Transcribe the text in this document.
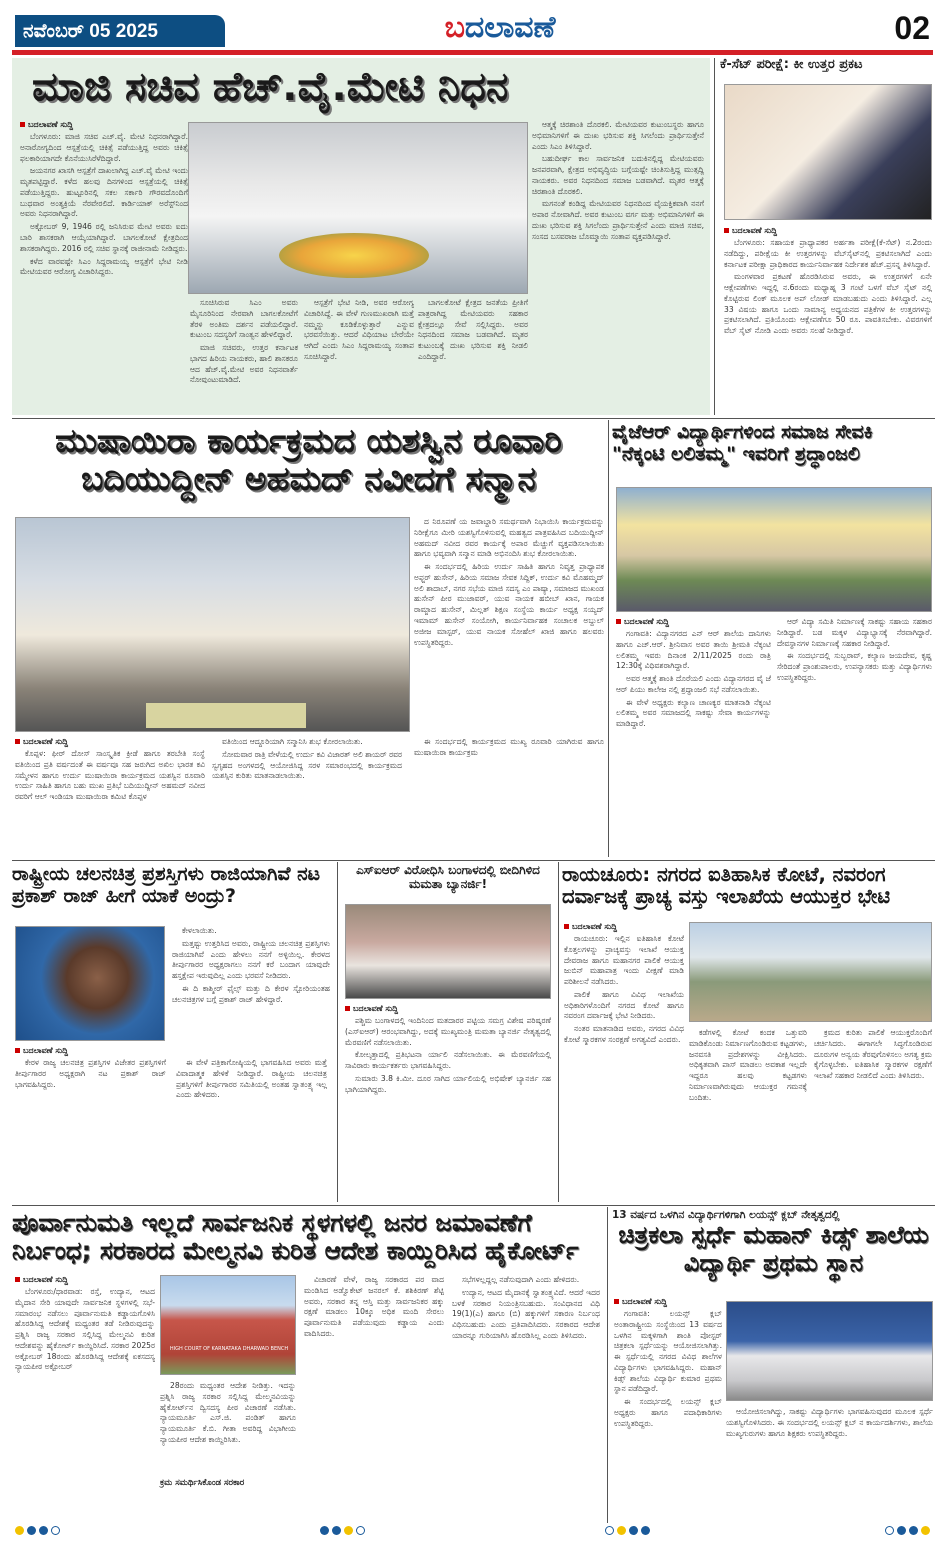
ನವೆಂಬರ್ 05 2025	ಬದಲಾವಣೆ	02
ಮಾಜಿ ಸಚಿವ ಹೆಚ್.ವೈ.ಮೇಟಿ ನಿಧನ
ಬದಲಾವಣೆ ಸುದ್ದಿ

ಬೆಂಗಳೂರು: ಮಾಜಿ ಸಚಿವ ಎಚ್.ವೈ. ಮೇಟಿ ನಿಧನರಾಗಿದ್ದಾರೆ. ಅನಾರೋಗ್ಯದಿಂದ ಆಸ್ಪತ್ರೆಯಲ್ಲಿ ಚಿಕಿತ್ಸೆ ಪಡೆಯುತ್ತಿದ್ದ ಅವರು ಚಿಕಿತ್ಸೆ ಫಲಕಾರಿಯಾಗದೇ ಕೊನೆಯುಸಿರೆಳೆದಿದ್ದಾರೆ.

ಜಯನಗರ ಖಾಸಗಿ ಆಸ್ಪತ್ರೆಗೆ ದಾಖಲಾಗಿದ್ದ ಎಚ್.ವೈ ಮೇಟಿ ಇಂದು ಮೃತಪಟ್ಟಿದ್ದಾರೆ. ಕಳೆದ ಹಲವು ದಿನಗಳಿಂದ ಆಸ್ಪತ್ರೆಯಲ್ಲಿ ಚಿಕಿತ್ಸೆ ಪಡೆಯುತ್ತಿದ್ದರು. ಹುಟ್ಟೂರಿನಲ್ಲಿ ಸಕಲ ಸರ್ಕಾರಿ ಗೌರವದೊಂದಿಗೆ ಬುಧವಾರ ಅಂತ್ಯಕ್ರಿಯೆ ನೆರವೇರಲಿದೆ. ಕಾರ್ಡಿಯಾಕ್ ಅರೆಸ್ಟ್‌ನಿಂದ ಅವರು ನಿಧನರಾಗಿದ್ದಾರೆ.

ಅಕ್ಟೋಬರ್ 9, 1946 ರಲ್ಲಿ ಜನಿಸಿರುವ ಮೇಟಿ ಅವರು ಐದು ಬಾರಿ ಶಾಸಕರಾಗಿ ಆಯ್ಕೆಯಾಗಿದ್ದಾರೆ. ಬಾಗಲಕೋಟೆ ಕ್ಷೇತ್ರದಿಂದ ಶಾಸಕರಾಗಿದ್ದರು. 2016 ರಲ್ಲಿ ಸಚಿವ ಸ್ಥಾನಕ್ಕೆ ರಾಜೀನಾಮೆ ನೀಡಿದ್ದರು.

ಕಳೆದ ವಾರವಷ್ಟೇ ಸಿಎಂ ಸಿದ್ದರಾಮಯ್ಯ ಆಸ್ಪತ್ರೆಗೆ ಭೇಟಿ ನೀಡಿ ಮೇಟಿಯವರ ಆರೋಗ್ಯ ವಿಚಾರಿಸಿದ್ದರು.

ಆತ್ಮಕ್ಕೆ ಚಿರಶಾಂತಿ ದೊರಕಲಿ. ಮೇಟಿಯವರ ಕುಟುಂಬಸ್ಥರು ಹಾಗೂ ಅಭಿಮಾನಿಗಳಿಗೆ ಈ ದುಃಖ ಭರಿಸುವ ಶಕ್ತಿ ಸಿಗಲೆಂದು ಪ್ರಾರ್ಥಿಸುತ್ತೇನೆ ಎಂದು ಸಿಎಂ ತಿಳಿಸಿದ್ದಾರೆ.

ಬಹುದೀರ್ಘ ಕಾಲ ಸಾರ್ವಜನಿಕ ಬದುಕಿನಲ್ಲಿದ್ದ ಮೇಟಿಯವರು ಜನಪರವಾಗಿ, ಕ್ಷೇತ್ರದ ಅಭಿವೃದ್ಧಿಯ ಬಗ್ಗೆಯಷ್ಟೇ ಚಿಂತಿಸುತ್ತಿದ್ದ ಮುತ್ಸದ್ದಿ ನಾಯಕರು. ಅವರ ನಿಧನದಿಂದ ಸಮಾಜ ಬಡವಾಗಿದೆ. ಮೃತರ ಆತ್ಮಕ್ಕೆ ಚಿರಶಾಂತಿ ದೊರಕಲಿ.

ಮಗನಂತೆ ಕಂಡಿದ್ದ ಮೇಟಿಯವರ ನಿಧನದಿಂದ ವೈಯಕ್ತಿಕವಾಗಿ ನನಗೆ ಅಪಾರ ನೋವಾಗಿದೆ. ಅವರ ಕುಟುಂಬ ವರ್ಗ ಮತ್ತು ಅಭಿಮಾನಿಗಳಿಗೆ ಈ ದುಃಖ ಭರಿಸುವ ಶಕ್ತಿ ಸಿಗಲೆಂದು ಪ್ರಾರ್ಥಿಸುತ್ತೇನೆ ಎಂದು ಮಾಜಿ ಸಚಿವ, ಸಂಸದ ಬಸವರಾಜ ಬೊಮ್ಮಾಯಿ ಸಂತಾಪ ವ್ಯಕ್ತಪಡಿಸಿದ್ದಾರೆ.

ಸೂಚಿಸಿರುವ ಸಿಎಂ ಅವರು ಮೈಸೂರಿನಿಂದ ನೇರವಾಗಿ ಬಾಗಲಕೋಟೆಗೆ ತೆರಳಿ ಅಂತಿಮ ದರ್ಶನ ಪಡೆಯಲಿದ್ದಾರೆ. ಕುಟುಂಬ ಸದಸ್ಯರಿಗೆ ಸಾಂತ್ವನ ಹೇಳಲಿದ್ದಾರೆ.

ಮಾಜಿ ಸಚಿವರು, ಉತ್ತರ ಕರ್ನಾಟಕ ಭಾಗದ ಹಿರಿಯ ನಾಯಕರು, ಹಾಲಿ ಶಾಸಕರೂ ಆದ ಹೆಚ್.ವೈ.ಮೇಟಿ ಅವರ ನಿಧನವಾರ್ತೆ ನೋವುಂಟುಮಾಡಿದೆ.

ಆಸ್ಪತ್ರೆಗೆ ಭೇಟಿ ನೀಡಿ, ಅವರ ಆರೋಗ್ಯ ವಿಚಾರಿಸಿದ್ದೆ. ಈ ವೇಳೆ ಗುಣಮುಖರಾಗಿ ಮತ್ತೆ ನಮ್ಮನ್ನು ಕೂಡಿಕೊಳ್ಳುತ್ತಾರೆ ಎನ್ನುವ ಭರವಸೆಯಿತ್ತು. ಆದರೆ ವಿಧಿಯಾಟ ಬೇರೆಯೇ ಆಗಿದೆ ಎಂದು ಸಿಎಂ ಸಿದ್ದರಾಮಯ್ಯ ಸಂತಾಪ ಸೂಚಿಸಿದ್ದಾರೆ.

ಬಾಗಲಕೋಟೆ ಕ್ಷೇತ್ರದ ಜನತೆಯ ಪ್ರೀತಿಗೆ ಪಾತ್ರರಾಗಿದ್ದ ಮೇಟಿಯವರು ಸಹಕಾರ ಕ್ಷೇತ್ರದಲ್ಲೂ ಸೇವೆ ಸಲ್ಲಿಸಿದ್ದರು. ಅವರ ನಿಧನದಿಂದ ಸಮಾಜ ಬಡವಾಗಿದೆ. ಮೃತರ ಕುಟುಂಬಕ್ಕೆ ದುಃಖ ಭರಿಸುವ ಶಕ್ತಿ ನೀಡಲಿ ಎಂದಿದ್ದಾರೆ.

ಕೆ-ಸೆಟ್ ಪರೀಕ್ಷೆ: ಕೀ ಉತ್ತರ ಪ್ರಕಟ
ಬದಲಾವಣೆ ಸುದ್ದಿ

ಬೆಂಗಳೂರು: ಸಹಾಯಕ ಪ್ರಾಧ್ಯಾಪಕರ ಅರ್ಹತಾ ಪರೀಕ್ಷೆ(ಕೆ-ಸೆಟ್) ನ.2ರಂದು ನಡೆದಿದ್ದು, ಪರೀಕ್ಷೆಯ ಕೀ ಉತ್ತರಗಳನ್ನು ವೆಬ್‌ಸೈಟ್‌ನಲ್ಲಿ ಪ್ರಕಟಿಸಲಾಗಿದೆ ಎಂದು ಕರ್ನಾಟಕ ಪರೀಕ್ಷಾ ಪ್ರಾಧಿಕಾರದ ಕಾರ್ಯನಿರ್ವಾಹಕ ನಿರ್ದೇಶಕ ಹೆಚ್.ಪ್ರಸನ್ನ ತಿಳಿಸಿದ್ದಾರೆ.

ಮಂಗಳವಾರ ಪ್ರಕಟಣೆ ಹೊರಡಿಸಿರುವ ಅವರು, ಈ ಉತ್ತರಗಳಿಗೆ ಏನೇ ಆಕ್ಷೇಪಣೆಗಳು ಇದ್ದಲ್ಲಿ ನ.6ರಂದು ಮಧ್ಯಾಹ್ನ 3 ಗಂಟೆ ಒಳಗೆ ವೆಬ್ ಸೈಟ್ ನಲ್ಲಿ ಕೊಟ್ಟಿರುವ ಲಿಂಕ್ ಮೂಲಕ ಅಪ್ ಲೋಡ್ ಮಾಡಬಹುದು ಎಂದು ತಿಳಿಸಿದ್ದಾರೆ. ಎಲ್ಲ 33 ವಿಷಯ ಹಾಗೂ ಒಂದು ಸಾಮಾನ್ಯ ಅಧ್ಯಯನದ ಪತ್ರಿಕೆಗಳ ಕೀ ಉತ್ತರಗಳನ್ನು ಪ್ರಕಟಿಸಲಾಗಿದೆ. ಪ್ರತಿಯೊಂದು ಆಕ್ಷೇಪಣೆಗೂ 50 ರೂ. ಪಾವತಿಸಬೇಕು. ವಿವರಗಳಿಗೆ ವೆಬ್ ಸೈಟ್ ನೋಡಿ ಎಂದು ಅವರು ಸಲಹೆ ನೀಡಿದ್ದಾರೆ.

ಮುಷಾಯಿರಾ ಕಾರ್ಯಕ್ರಮದ ಯಶಸ್ವಿನ ರೂವಾರಿ
ಬದಿಯುದ್ದೀನ್ ಅಹಮದ್ ನವೀದಗೆ ಸನ್ಮಾನ

ದ ನಿರೂಪಣೆ ಯ ಜವಾಬ್ದಾರಿ ಸಮರ್ಥವಾಗಿ ನಿಭಾಯಿಸಿ ಕಾರ್ಯಕ್ರಮವನ್ನು ನಿರೀಕ್ಷೆಗೂ ಮೀರಿ ಯಶಸ್ವಿಗೊಳಿಸುವಲ್ಲಿ ಮಹತ್ವದ ಪಾತ್ರವಹಿಸಿದ ಬದಿಯುದ್ದೀನ್ ಅಹಮದ್ ನವೀದ ರವರ ಕಾರ್ಯಕ್ಕೆ ಅಪಾರ ಮೆಚ್ಚುಗೆ ವ್ಯಕ್ತಪಡಿಸಲಾಯಿತು ಹಾಗೂ ಭವ್ಯವಾಗಿ ಸನ್ಮಾನ ಮಾಡಿ ಅಭಿನಂದಿಸಿ ಶುಭ ಕೋರಲಾಯಿತು.

ಈ ಸಂದರ್ಭದಲ್ಲಿ ಹಿರಿಯ ಉರ್ದು ಸಾಹಿತಿ ಹಾಗೂ ನಿವೃತ್ತ ಪ್ರಾಧ್ಯಾಪಕ ಅಫ್ಜರ್ ಹುಸೇನ್, ಹಿರಿಯ ಸಮಾಜ ಸೇವಕ ಸಿದ್ದಿಕ್, ಉರ್ದು ಕವಿ ಮೊಹಮ್ಮದ್ ಅಲಿ ಶಾದಾಬ್, ನಗರ ಸಭೆಯ ಮಾಜಿ ಸದಸ್ಯ ಎಂ ಪಾಷ್ಯಾ, ಸಮಾಜದ ಮುಖಂಡ ಹುಸೇನ್ ಪೀರ ಮುಜಾವರ್, ಯುವ ನಾಯಕ ಹಬೀಬ್ ಖಾನ, ಗಾಯಕ ರಾಮ್ಜಾದ ಹುಸೇನ್, ಮಿಲ್ಲತ್ ಶಿಕ್ಷಣ ಸಂಸ್ಥೆಯ ಕಾರ್ಯ ಅಧ್ಯಕ್ಷ ಸಯ್ಯದ್ ಇಮಾಮ್ ಹುಸೇನ್ ಸಂಯೋಗಿ, ಕಾರ್ಯನಿರ್ವಾಹಕ ಸಂಚಾಲಕ ಅಬ್ದುಲ್ ಅಜೀಜ ಮಾಸ್ಟರ್, ಯುವ ನಾಯಕ ಸೋಹೆಲ್ ಖಾಜಿ ಹಾಗೂ ಹಲವರು ಉಪಸ್ಥಿತರಿದ್ದರು.

ಬದಲಾವಣೆ ಸುದ್ದಿ

ಕೊಪ್ಪಳ: ಫೀರ್ ದೋಸ್ ಸಾಂಸ್ಕೃತಿಕ ಕ್ರೀಡೆ ಹಾಗೂ ತರಬೇತಿ ಸಂಸ್ಥೆ ವತಿಯಿಂದ ಪ್ರತಿ ವರ್ಷದಂತೆ ಈ ವರ್ಷವೂ ಸಹ ಜರುಗಿದ ಅಖಿಲ ಭಾರತ ಕವಿ ಸಮ್ಮೇಳನ ಹಾಗೂ ಉರ್ದು ಮುಷಾಯಿರಾ ಕಾರ್ಯಕ್ರಮದ ಯಶಸ್ವಿನ ರೂವಾರಿ ಉರ್ದು ಸಾಹಿತಿ ಹಾಗೂ ಬಹು ಮುಖ ಪ್ರತಿಭೆ ಬದಿಯುದ್ದೀನ್ ಅಹಮದ್ ನವೀದ ರವರಿಗೆ ಆಲ್ ಇಂಡಿಯಾ ಮುಷಾಯಿರಾ ಕಮಿಟಿ ಕೊಪ್ಪಳ

ವತಿಯಿಂದ ಆದ್ದೂರಿಯಾಗಿ ಸನ್ಮಾನಿಸಿ ಶುಭ ಕೋರಲಾಯಿತು.

ಸೋಮವಾರ ರಾತ್ರಿ ವೇಳೆಯಲ್ಲಿ ಉರ್ದು ಕವಿ ವಿಜಾರತ್ ಅಲಿ ಶಾಯರ್ ರವರ ಸ್ವಗೃಹದ ಅಂಗಳದಲ್ಲಿ ಆಯೋಜಿಸಿದ್ದ ಸರಳ ಸಮಾರಂಭದಲ್ಲಿ ಕಾರ್ಯಕ್ರಮದ ಯಶಸ್ಸಿನ ಕುರಿತು ಮಾತನಾಡಲಾಯಿತು.

ಈ ಸಂದರ್ಭದಲ್ಲಿ ಕಾರ್ಯಕ್ರಮದ ಮುಖ್ಯ ರೂವಾರಿ ಯಾಗಿರುವ ಹಾಗೂ ಮುಷಾಯಿರಾ ಕಾರ್ಯಕ್ರಮ

ವೈಜೆಆರ್ ವಿದ್ಯಾರ್ಥಿಗಳಿಂದ ಸಮಾಜ ಸೇವಕಿ
"ನೆಕ್ಕಂಟಿ ಲಲಿತಮ್ಮ" ಇವರಿಗೆ ಶ್ರದ್ಧಾಂಜಲಿ
ಬದಲಾವಣೆ ಸುದ್ದಿ

ಗಂಗಾವತಿ: ವಿದ್ಯಾನಗರದ ಎನ್ ಆರ್ ಶಾಲೆಯ ದಾನಿಗಳು ಹಾಗೂ ಎಚ್.ಆರ್. ಶ್ರೀನಿವಾಸ ಅವರ ತಾಯಿ ಶ್ರೀಮತಿ ನೆಕ್ಕಂಟಿ ಲಲಿತಮ್ಮ ಇವರು ದಿನಾಂಕ 2/11/2025 ರಂದು ರಾತ್ರಿ 12:30ಕ್ಕೆ ವಿಧಿವಶರಾಗಿದ್ದಾರೆ.

ಅವರ ಆತ್ಮಕ್ಕೆ ಶಾಂತಿ ದೊರೆಯಲಿ ಎಂದು ವಿದ್ಯಾನಗರದ ವೈ ಜೆ ಆರ್ ಪಿಯು ಕಾಲೇಜ ನಲ್ಲಿ ಶ್ರದ್ಧಾಂಜಲಿ ಸಭೆ ನಡೆಸಲಾಯಿತು.

ಈ ವೇಳೆ ಅಧ್ಯಕ್ಷರು ಕಲ್ಯಾಣ ಚಾಣಕ್ಯರ ಮಾತನಾಡಿ ನೆಕ್ಕಂಟಿ ಲಲಿತಮ್ಮ ಅವರ ಸಮಾಜದಲ್ಲಿ ಸಾಕಷ್ಟು ಸೇವಾ ಕಾರ್ಯಗಳನ್ನು ಮಾಡಿದ್ದಾರೆ.

ಆರ್ ವಿದ್ಯಾ ಸಮಿತಿ ನಿರ್ಮಾಣಕ್ಕೆ ಸಾಕಷ್ಟು ಸಹಾಯ ಸಹಕಾರ ನೀಡಿದ್ದಾರೆ. ಬಡ ಮಕ್ಕಳ ವಿದ್ಯಾಭ್ಯಾಸಕ್ಕೆ ನೆರವಾಗಿದ್ದಾರೆ. ದೇವಸ್ಥಾನಗಳ ನಿರ್ಮಾಣಕ್ಕೆ ಸಹಕಾರ ನೀಡಿದ್ದಾರೆ.

ಈ ಸಂದರ್ಭದಲ್ಲಿ ಸುಬ್ಬರಾವ್, ಕಲ್ಯಾಣ ಜಯದೇವ, ಕೃಷ್ಣ ಸೇರಿದಂತೆ ಪ್ರಾಂಶುಪಾಲರು, ಉಪನ್ಯಾಸಕರು ಮತ್ತು ವಿದ್ಯಾರ್ಥಿಗಳು ಉಪಸ್ಥಿತರಿದ್ದರು.

ರಾಷ್ಟ್ರೀಯ ಚಲನಚಿತ್ರ ಪ್ರಶಸ್ತಿಗಳು ರಾಜಿಯಾಗಿವೆ ನಟ ಪ್ರಕಾಶ್ ರಾಜ್ ಹೀಗೆ ಯಾಕೆ ಅಂದ್ರು?
ಬದಲಾವಣೆ ಸುದ್ದಿ

ಕೇರಳ ರಾಜ್ಯ ಚಲನಚಿತ್ರ ಪ್ರಶಸ್ತಿಗಳ ವಿಜೇತರ ಪ್ರಶಸ್ತಿಗಳಿಗೆ ತೀರ್ಪುಗಾರರ ಅಧ್ಯಕ್ಷರಾಗಿ ನಟ ಪ್ರಕಾಶ್ ರಾಜ್ ಭಾಗವಹಿಸಿದ್ದರು.

ಈ ವೇಳೆ ಪತ್ರಿಕಾಗೋಷ್ಠಿಯಲ್ಲಿ ಭಾಗವಹಿಸಿದ ಅವರು ಮತ್ತೆ ವಿವಾದಾತ್ಮಕ ಹೇಳಿಕೆ ನೀಡಿದ್ದಾರೆ. ರಾಷ್ಟ್ರೀಯ ಚಲನಚಿತ್ರ ಪ್ರಶಸ್ತಿಗಳಿಗೆ ತೀರ್ಪುಗಾರರ ಸಮಿತಿಯಲ್ಲಿ ಅಂತಹ ಸ್ವಾತಂತ್ರ್ಯ ಇಲ್ಲ ಎಂದು ಹೇಳಿದರು.

ಕೇಳಲಾಯಿತು.

ಮತ್ತಷ್ಟು ಉತ್ತರಿಸಿದ ಅವರು, ರಾಷ್ಟ್ರೀಯ ಚಲನಚಿತ್ರ ಪ್ರಶಸ್ತಿಗಳು ರಾಜಿಯಾಗಿವೆ ಎಂದು ಹೇಳಲು ನನಗೆ ಅಳ್ಳಿಯಿಲ್ಲ. ಕೇರಳದ ತೀರ್ಪುಗಾರರ ಅಧ್ಯಕ್ಷರಾಗಲು ನನಗೆ ಕರೆ ಬಂದಾಗ ಯಾವುದೇ ಹಸ್ತಕ್ಷೇಪ ಇರುವುದಿಲ್ಲ ಎಂದು ಭರವಸೆ ನೀಡಿದರು.

ಈ ದಿ ಕಾಶ್ಮೀರ್ ಫೈಲ್ಸ್ ಮತ್ತು ದಿ ಕೇರಳ ಸ್ಟೋರಿಯಂತಹ ಚಲನಚಿತ್ರಗಳ ಬಗ್ಗೆ ಪ್ರಕಾಶ್ ರಾಜ್ ಹೇಳಿದ್ದಾರೆ.

ಎಸ್‌ಐಆರ್ ವಿರೋಧಿಸಿ ಬಂಗಾಳದಲ್ಲಿ ಬೀದಿಗಿಳಿದ ಮಮತಾ ಬ್ಯಾನರ್ಜಿ!
ಬದಲಾವಣೆ ಸುದ್ದಿ

ಪಶ್ಚಿಮ ಬಂಗಾಳದಲ್ಲಿ ಇಂದಿನಿಂದ ಮತದಾರರ ಪಟ್ಟಿಯ ಸಮಗ್ರ ವಿಶೇಷ ಪರಿಷ್ಕರಣೆ (ಎಸ್‌ಐಆರ್) ಆರಂಭವಾಗಿದ್ದು, ಅದಕ್ಕೆ ಮುಖ್ಯಮಂತ್ರಿ ಮಮತಾ ಬ್ಯಾನರ್ಜಿ ನೇತೃತ್ವದಲ್ಲಿ ಮೆರವಣಿಗೆ ನಡೆಸಲಾಯಿತು.

ಕೋಲ್ಕತ್ತಾದಲ್ಲಿ ಪ್ರತಿಭಟನಾ ರ್ಯಾಲಿ ನಡೆಸಲಾಯಿತು. ಈ ಮೆರವಣಿಗೆಯಲ್ಲಿ ಸಾವಿರಾರು ಕಾರ್ಯಕರ್ತರು ಭಾಗವಹಿಸಿದ್ದರು.

ಸುಮಾರು 3.8 ಕಿ.ಮೀ. ದೂರ ಸಾಗಿದ ರ್ಯಾಲಿಯಲ್ಲಿ ಅಭಿಷೇಕ್ ಬ್ಯಾನರ್ಜಿ ಸಹ ಭಾಗಿಯಾಗಿದ್ದರು.

ರಾಯಚೂರು: ನಗರದ ಐತಿಹಾಸಿಕ ಕೋಟೆ, ನವರಂಗ ದರ್ವಾಜಕ್ಕೆ ಪ್ರಾಚ್ಯ ವಸ್ತು ಇಲಾಖೆಯ ಆಯುಕ್ತರ ಭೇಟಿ
ಬದಲಾವಣೆ ಸುದ್ದಿ

ರಾಯಚೂರು: ಇಲ್ಲಿನ ಐತಿಹಾಸಿಕ ಕೋಟೆ ಕೊತ್ತಲಗಳನ್ನು ಪ್ರಾಚ್ಯವಸ್ತು ಇಲಾಖೆ ಆಯುಕ್ತ ದೇವರಾಜ ಹಾಗೂ ಮಹಾನಗರ ಪಾಲಿಕೆ ಆಯುಕ್ತ ಜುಬಿನ್ ಮಹಾಪಾತ್ರ ಇಂದು ವೀಕ್ಷಣೆ ಮಾಡಿ ಪರಿಶೀಲನೆ ನಡೆಸಿದರು.

ಪಾಲಿಕೆ ಹಾಗೂ ವಿವಿಧ ಇಲಾಖೆಯ ಅಧಿಕಾರಿಗಳೊಂದಿಗೆ ನಗರದ ಕೋಟೆ ಹಾಗೂ ನವರಂಗ ದರ್ವಾಜಕ್ಕೆ ಭೇಟಿ ನೀಡಿದರು.

ನಂತರ ಮಾತನಾಡಿದ ಅವರು, ನಗರದ ವಿವಿಧ ಕೋಟೆ ಸ್ಮಾರಕಗಳ ಸಂರಕ್ಷಣೆ ಅಗತ್ಯವಿದೆ ಎಂದರು.

ಕಡೆಗಳಲ್ಲಿ ಕೋಟೆ ಕಂದಕ ಒತ್ತುವರಿ ಮಾಡಿಕೊಂಡು ನಿರ್ಮಾಣಗೊಂಡಿರುವ ಕಟ್ಟಡಗಳು, ಜನವಸತಿ ಪ್ರದೇಶಗಳನ್ನು ವೀಕ್ಷಿಸಿದರು. ಅಧಿಕೃತವಾಗಿ ಪಾಸ್ ಮಾಡಲು ಅವಕಾಶ ಇಲ್ಲದೇ ಇದ್ದರೂ ಹಲವು ಕಟ್ಟಡಗಳು ನಿರ್ಮಾಣವಾಗಿರುವುದು ಆಯುಕ್ತರ ಗಮನಕ್ಕೆ ಬಂದಿತು.

ಕ್ರಮದ ಕುರಿತು ಪಾಲಿಕೆ ಆಯುಕ್ತರೊಂದಿಗೆ ಚರ್ಚಿಸಿದರು. ಈಗಾಗಲೇ ಸಿದ್ಧಗೊಂಡಿರುವ ದೂರುಗಳ ಅನ್ವಯ ತೆರವುಗೊಳಿಸಲು ಅಗತ್ಯ ಕ್ರಮ ಕೈಗೊಳ್ಳಬೇಕು. ಐತಿಹಾಸಿಕ ಸ್ಮಾರಕಗಳ ರಕ್ಷಣೆಗೆ ಇಲಾಖೆ ಸಹಕಾರ ನೀಡಲಿದೆ ಎಂದು ತಿಳಿಸಿದರು.

ಪೂರ್ವಾನುಮತಿ ಇಲ್ಲದೆ ಸಾರ್ವಜನಿಕ ಸ್ಥಳಗಳಲ್ಲಿ ಜನರ ಜಮಾವಣೆಗೆ ನಿರ್ಬಂಧ; ಸರಕಾರದ ಮೇಲ್ಮನವಿ ಕುರಿತ ಆದೇಶ ಕಾಯ್ದಿರಿಸಿದ ಹೈಕೋರ್ಟ್
ಬದಲಾವಣೆ ಸುದ್ದಿ

ಬೆಂಗಳೂರು/ಧಾರವಾಡ: ರಸ್ತೆ, ಉದ್ಯಾನ, ಆಟದ ಮೈದಾನ ಸೇರಿ ಯಾವುದೇ ಸಾರ್ವಜನಿಕ ಸ್ಥಳಗಳಲ್ಲಿ ಸಭೆ-ಸಮಾರಂಭ ನಡೆಸಲು ಪೂರ್ವಾನುಮತಿ ಕಡ್ಡಾಯಗೊಳಿಸಿ ಹೊರಡಿಸಿದ್ದ ಆದೇಶಕ್ಕೆ ಮಧ್ಯಂತರ ತಡೆ ನೀಡಿರುವುದನ್ನು ಪ್ರಶ್ನಿಸಿ ರಾಜ್ಯ ಸರಕಾರ ಸಲ್ಲಿಸಿದ್ದ ಮೇಲ್ಮನವಿ ಕುರಿತ ಆದೇಶವನ್ನು ಹೈಕೋರ್ಟ್ ಕಾಯ್ದಿರಿಸಿದೆ. ಸರಕಾರ 2025ರ ಅಕ್ಟೋಬರ್ 18ರಂದು ಹೊರಡಿಸಿದ್ದ ಆದೇಶಕ್ಕೆ ಏಕಸದಸ್ಯ ನ್ಯಾಯಪೀಠ ಅಕ್ಟೋಬರ್

HIGH COURT OF KARNATAKA DHARWAD BENCH

28ರಂದು ಮಧ್ಯಂತರ ಆದೇಶ ನೀಡಿತ್ತು. ಇದನ್ನು ಪ್ರಶ್ನಿಸಿ ರಾಜ್ಯ ಸರಕಾರ ಸಲ್ಲಿಸಿದ್ದ ಮೇಲ್ಮನವಿಯನ್ನು ಹೈಕೋರ್ಟ್‌ನ ದ್ವಿಸದಸ್ಯ ಪೀಠ ವಿಚಾರಣೆ ನಡೆಸಿತು. ನ್ಯಾಯಮೂರ್ತಿ ಎಸ್.ಜಿ. ಪಂಡಿತ್ ಹಾಗೂ ನ್ಯಾಯಮೂರ್ತಿ ಕೆ.ಬಿ. ಗೀತಾ ಅವರಿದ್ದ ವಿಭಾಗೀಯ ನ್ಯಾಯಪೀಠ ಆದೇಶ ಕಾಯ್ದಿರಿಸಿತು.

ಕ್ರಮ ಸಮರ್ಥಿಸಿಕೊಂಡ ಸರಕಾರ

ವಿಚಾರಣೆ ವೇಳೆ, ರಾಜ್ಯ ಸರಕಾರದ ಪರ ವಾದ ಮಂಡಿಸಿದ ಅಡ್ವೊಕೇಟ್ ಜನರಲ್ ಕೆ. ಶಶಿಕಿರಣ್ ಶೆಟ್ಟಿ ಅವರು, ಸರಕಾರ ತನ್ನ ಆಸ್ತಿ ಮತ್ತು ಸಾರ್ವಜನಿಕರ ಹಕ್ಕು ರಕ್ಷಣೆ ಮಾಡಲು 10ಕ್ಕೂ ಅಧಿಕ ಮಂದಿ ಸೇರಲು ಪೂರ್ವಾನುಮತಿ ಪಡೆಯುವುದು ಕಡ್ಡಾಯ ಎಂದು ವಾದಿಸಿದರು.

ಸಭೆಗಳಲ್ಲದ್ದಲ್ಲ ನಡೆಸುವುದಾಗಿ ಎಂದು ಹೇಳಿದರು.

ಉದ್ಯಾನ, ಆಟದ ಮೈದಾನಕ್ಕೆ ಸ್ವಾತಂತ್ರ್ಯವಿದೆ. ಆದರೆ ಇದರ ಬಳಕೆ ಸರಕಾರ ನಿಯಂತ್ರಿಸಬಹುದು. ಸಂವಿಧಾನದ ವಿಧಿ 19(1)(ಎ) ಹಾಗೂ (ಬಿ) ಹಕ್ಕುಗಳಿಗೆ ಸಕಾರಣ ನಿರ್ಬಂಧ ವಿಧಿಸಬಹುದು ಎಂದು ಪ್ರತಿಪಾದಿಸಿದರು. ಸರಕಾರದ ಆದೇಶ ಯಾರನ್ನೂ ಗುರಿಯಾಗಿಸಿ ಹೊರಡಿಸಿಲ್ಲ ಎಂದು ತಿಳಿಸಿದರು.

13 ವರ್ಷದ ಒಳಗಿನ ವಿದ್ಯಾರ್ಥಿಗಳಿಗಾಗಿ ಲಯನ್ಸ್ ಕ್ಲಬ್ ನೇತೃತ್ವದಲ್ಲಿ
ಚಿತ್ರಕಲಾ ಸ್ಪರ್ಧೆ ಮಹಾನ್ ಕಿಡ್ಸ್ ಶಾಲೆಯ ವಿದ್ಯಾರ್ಥಿ ಪ್ರಥಮ ಸ್ಥಾನ
ಬದಲಾವಣೆ ಸುದ್ದಿ

ಗಂಗಾವತಿ: ಲಯನ್ಸ್ ಕ್ಲಬ್ ಅಂತಾರಾಷ್ಟ್ರೀಯ ಸಂಸ್ಥೆಯಿಂದ 13 ವರ್ಷದ ಒಳಗಿನ ಮಕ್ಕಳಿಗಾಗಿ ಶಾಂತಿ ಪೋಸ್ಟರ್ ಚಿತ್ರಕಲಾ ಸ್ಪರ್ಧೆಯನ್ನು ಆಯೋಜಿಸಲಾಗಿತ್ತು. ಈ ಸ್ಪರ್ಧೆಯಲ್ಲಿ ನಗರದ ವಿವಿಧ ಶಾಲೆಗಳ ವಿದ್ಯಾರ್ಥಿಗಳು ಭಾಗವಹಿಸಿದ್ದರು. ಮಹಾನ್ ಕಿಡ್ಸ್ ಶಾಲೆಯ ವಿದ್ಯಾರ್ಥಿ ಕುಮಾರ ಪ್ರಥಮ ಸ್ಥಾನ ಪಡೆದಿದ್ದಾರೆ.

ಈ ಸಂದರ್ಭದಲ್ಲಿ ಲಯನ್ಸ್ ಕ್ಲಬ್ ಅಧ್ಯಕ್ಷರು ಹಾಗೂ ಪದಾಧಿಕಾರಿಗಳು ಉಪಸ್ಥಿತರಿದ್ದರು.

ಆಯೋಜಿಸಲಾಗಿದ್ದು, ಸಾಕಷ್ಟು ವಿದ್ಯಾರ್ಥಿಗಳು ಭಾಗವಹಿಸುವುದರ ಮೂಲಕ ಸ್ಪರ್ಧೆ ಯಶಸ್ವಿಗೊಳಿಸಿದರು. ಈ ಸಂದರ್ಭದಲ್ಲಿ ಲಯನ್ಸ್ ಕ್ಲಬ್ ನ ಕಾರ್ಯದರ್ಶಿಗಳು, ಶಾಲೆಯ ಮುಖ್ಯಗುರುಗಳು ಹಾಗೂ ಶಿಕ್ಷಕರು ಉಪಸ್ಥಿತರಿದ್ದರು.
